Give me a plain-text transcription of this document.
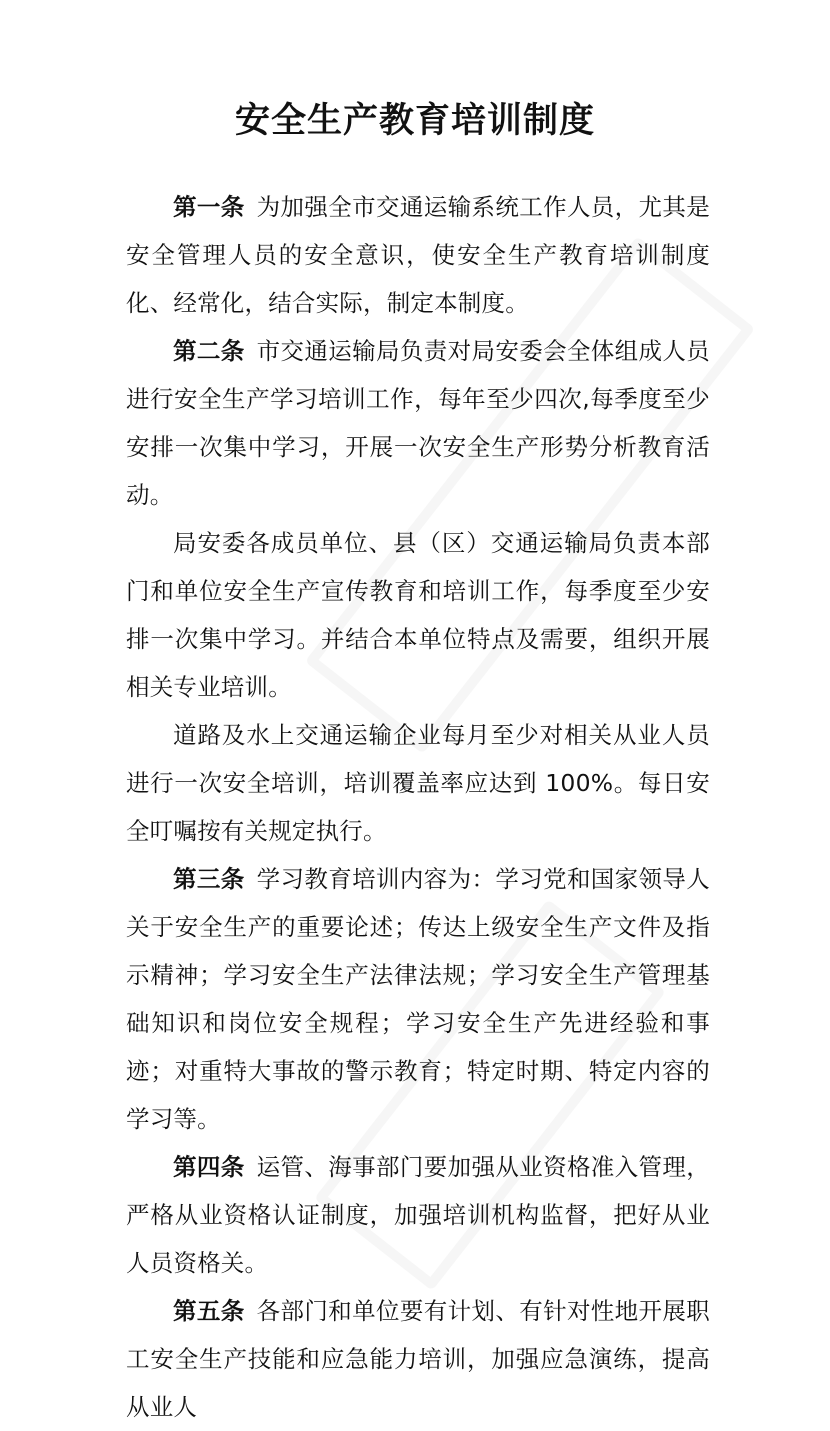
安全生产教育培训制度

第一条 为加强全市交通运输系统工作人员，尤其是安全管理人员的安全意识，使安全生产教育培训制度化、经常化，结合实际，制定本制度。

第二条 市交通运输局负责对局安委会全体组成人员进行安全生产学习培训工作，每年至少四次,每季度至少安排一次集中学习，开展一次安全生产形势分析教育活动。

局安委各成员单位、县（区）交通运输局负责本部门和单位安全生产宣传教育和培训工作，每季度至少安排一次集中学习。并结合本单位特点及需要，组织开展相关专业培训。

道路及水上交通运输企业每月至少对相关从业人员进行一次安全培训，培训覆盖率应达到 100%。每日安全叮嘱按有关规定执行。

第三条 学习教育培训内容为：学习党和国家领导人关于安全生产的重要论述；传达上级安全生产文件及指示精神；学习安全生产法律法规；学习安全生产管理基础知识和岗位安全规程；学习安全生产先进经验和事迹；对重特大事故的警示教育；特定时期、特定内容的学习等。

第四条 运管、海事部门要加强从业资格准入管理，严格从业资格认证制度，加强培训机构监督，把好从业人员资格关。

第五条 各部门和单位要有计划、有针对性地开展职工安全生产技能和应急能力培训，加强应急演练，提高从业人
